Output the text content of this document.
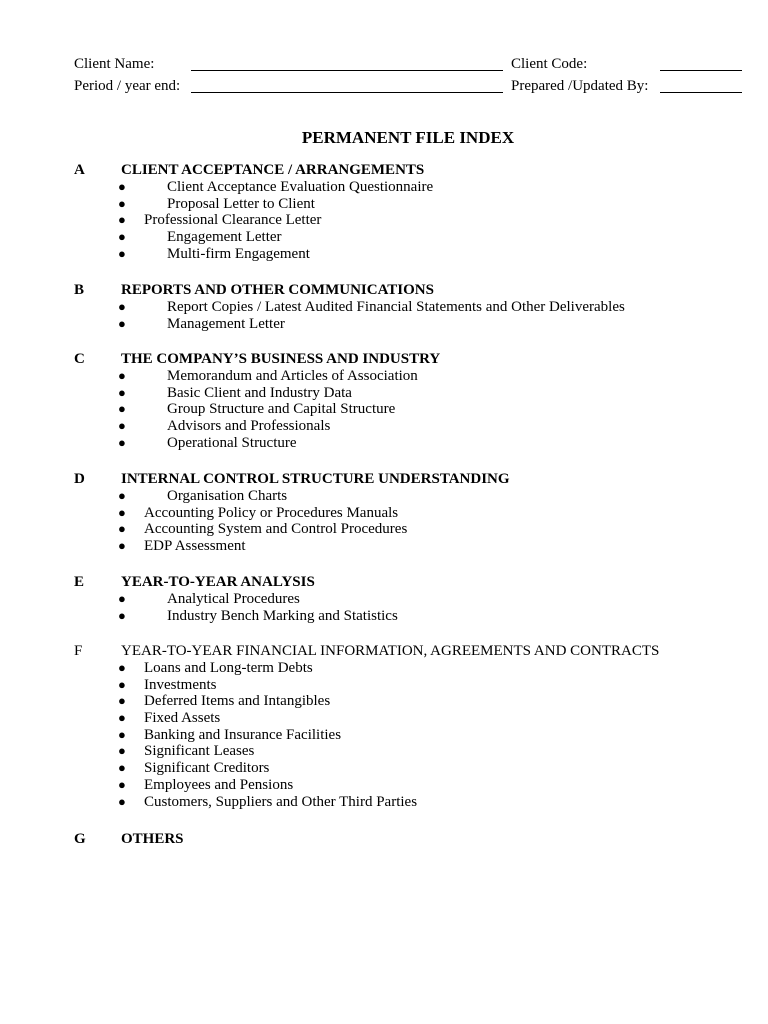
Client Name:	Client Code:
Period / year end:	Prepared /Updated By:
PERMANENT FILE INDEX
A CLIENT ACCEPTANCE / ARRANGEMENTS
●	Client Acceptance Evaluation Questionnaire
●	Proposal Letter to Client
● Professional Clearance Letter
●	Engagement Letter
●	Multi-firm Engagement
B REPORTS AND OTHER COMMUNICATIONS
●	Report Copies / Latest Audited Financial Statements and Other Deliverables
●	Management Letter
C THE COMPANY’S BUSINESS AND INDUSTRY
●	Memorandum and Articles of Association
●	Basic Client and Industry Data
●	Group Structure and Capital Structure
●	Advisors and Professionals
●	Operational Structure
D INTERNAL CONTROL STRUCTURE UNDERSTANDING
●	Organisation Charts
● Accounting Policy or Procedures Manuals
● Accounting System and Control Procedures
● EDP Assessment
E YEAR-TO-YEAR ANALYSIS
●	Analytical Procedures
●	Industry Bench Marking and Statistics
F	YEAR-TO-YEAR FINANCIAL INFORMATION, AGREEMENTS AND CONTRACTS
● Loans and Long-term Debts
● Investments
● Deferred Items and Intangibles
● Fixed Assets
● Banking and Insurance Facilities
● Significant Leases
● Significant Creditors
● Employees and Pensions
● Customers, Suppliers and Other Third Parties
G OTHERS
